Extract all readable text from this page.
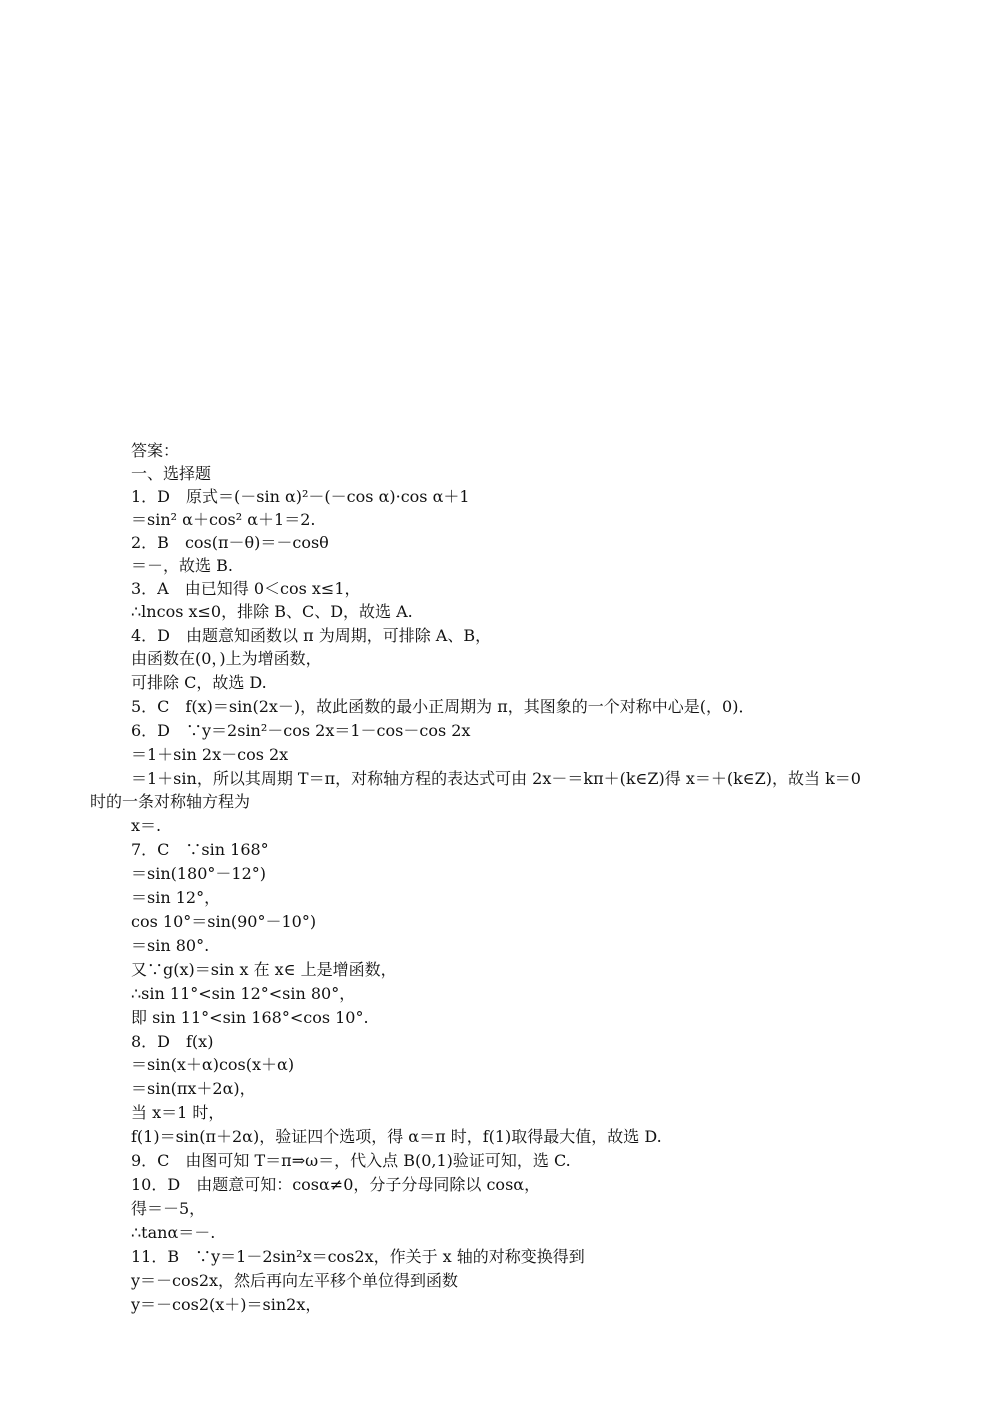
答案：
一、选择题
1．D　原式＝(－sin α)²－(－cos α)·cos α＋1
＝sin² α＋cos² α＋1＝2.
2．B　cos(π－θ)＝－cosθ
＝－，故选 B.
3．A　由已知得 0＜cos x≤1，
∴lncos x≤0，排除 B、C、D，故选 A.
4．D　由题意知函数以 π 为周期，可排除 A、B，
由函数在(0，)上为增函数，
可排除 C，故选 D.
5．C　f(x)＝sin(2x－)，故此函数的最小正周期为 π，其图象的一个对称中心是(，0)．
6．D　∵y＝2sin²－cos 2x＝1－cos－cos 2x
＝1＋sin 2x－cos 2x
＝1＋sin，所以其周期 T＝π，对称轴方程的表达式可由 2x－＝kπ＋(k∈Z)得 x＝＋(k∈Z)，故当 k＝0
时的一条对称轴方程为
x＝.
7．C　∵sin 168°
＝sin(180°－12°)
＝sin 12°，
cos 10°＝sin(90°－10°)
＝sin 80°.
又∵g(x)＝sin x 在 x∈ 上是增函数，
∴sin 11°<sin 12°<sin 80°，
即 sin 11°<sin 168°<cos 10°.
8．D　f(x)
＝sin(x＋α)cos(x＋α)
＝sin(πx＋2α)，
当 x＝1 时，
f(1)＝sin(π＋2α)，验证四个选项，得 α＝π 时，f(1)取得最大值，故选 D.
9．C　由图可知 T＝π⇒ω＝，代入点 B(0,1)验证可知，选 C.
10．D　由题意可知：cosα≠0，分子分母同除以 cosα，
得＝－5，
∴tanα＝－.
11．B　∵y＝1－2sin²x＝cos2x，作关于 x 轴的对称变换得到
y＝－cos2x，然后再向左平移个单位得到函数
y＝－cos2(x＋)＝sin2x，
